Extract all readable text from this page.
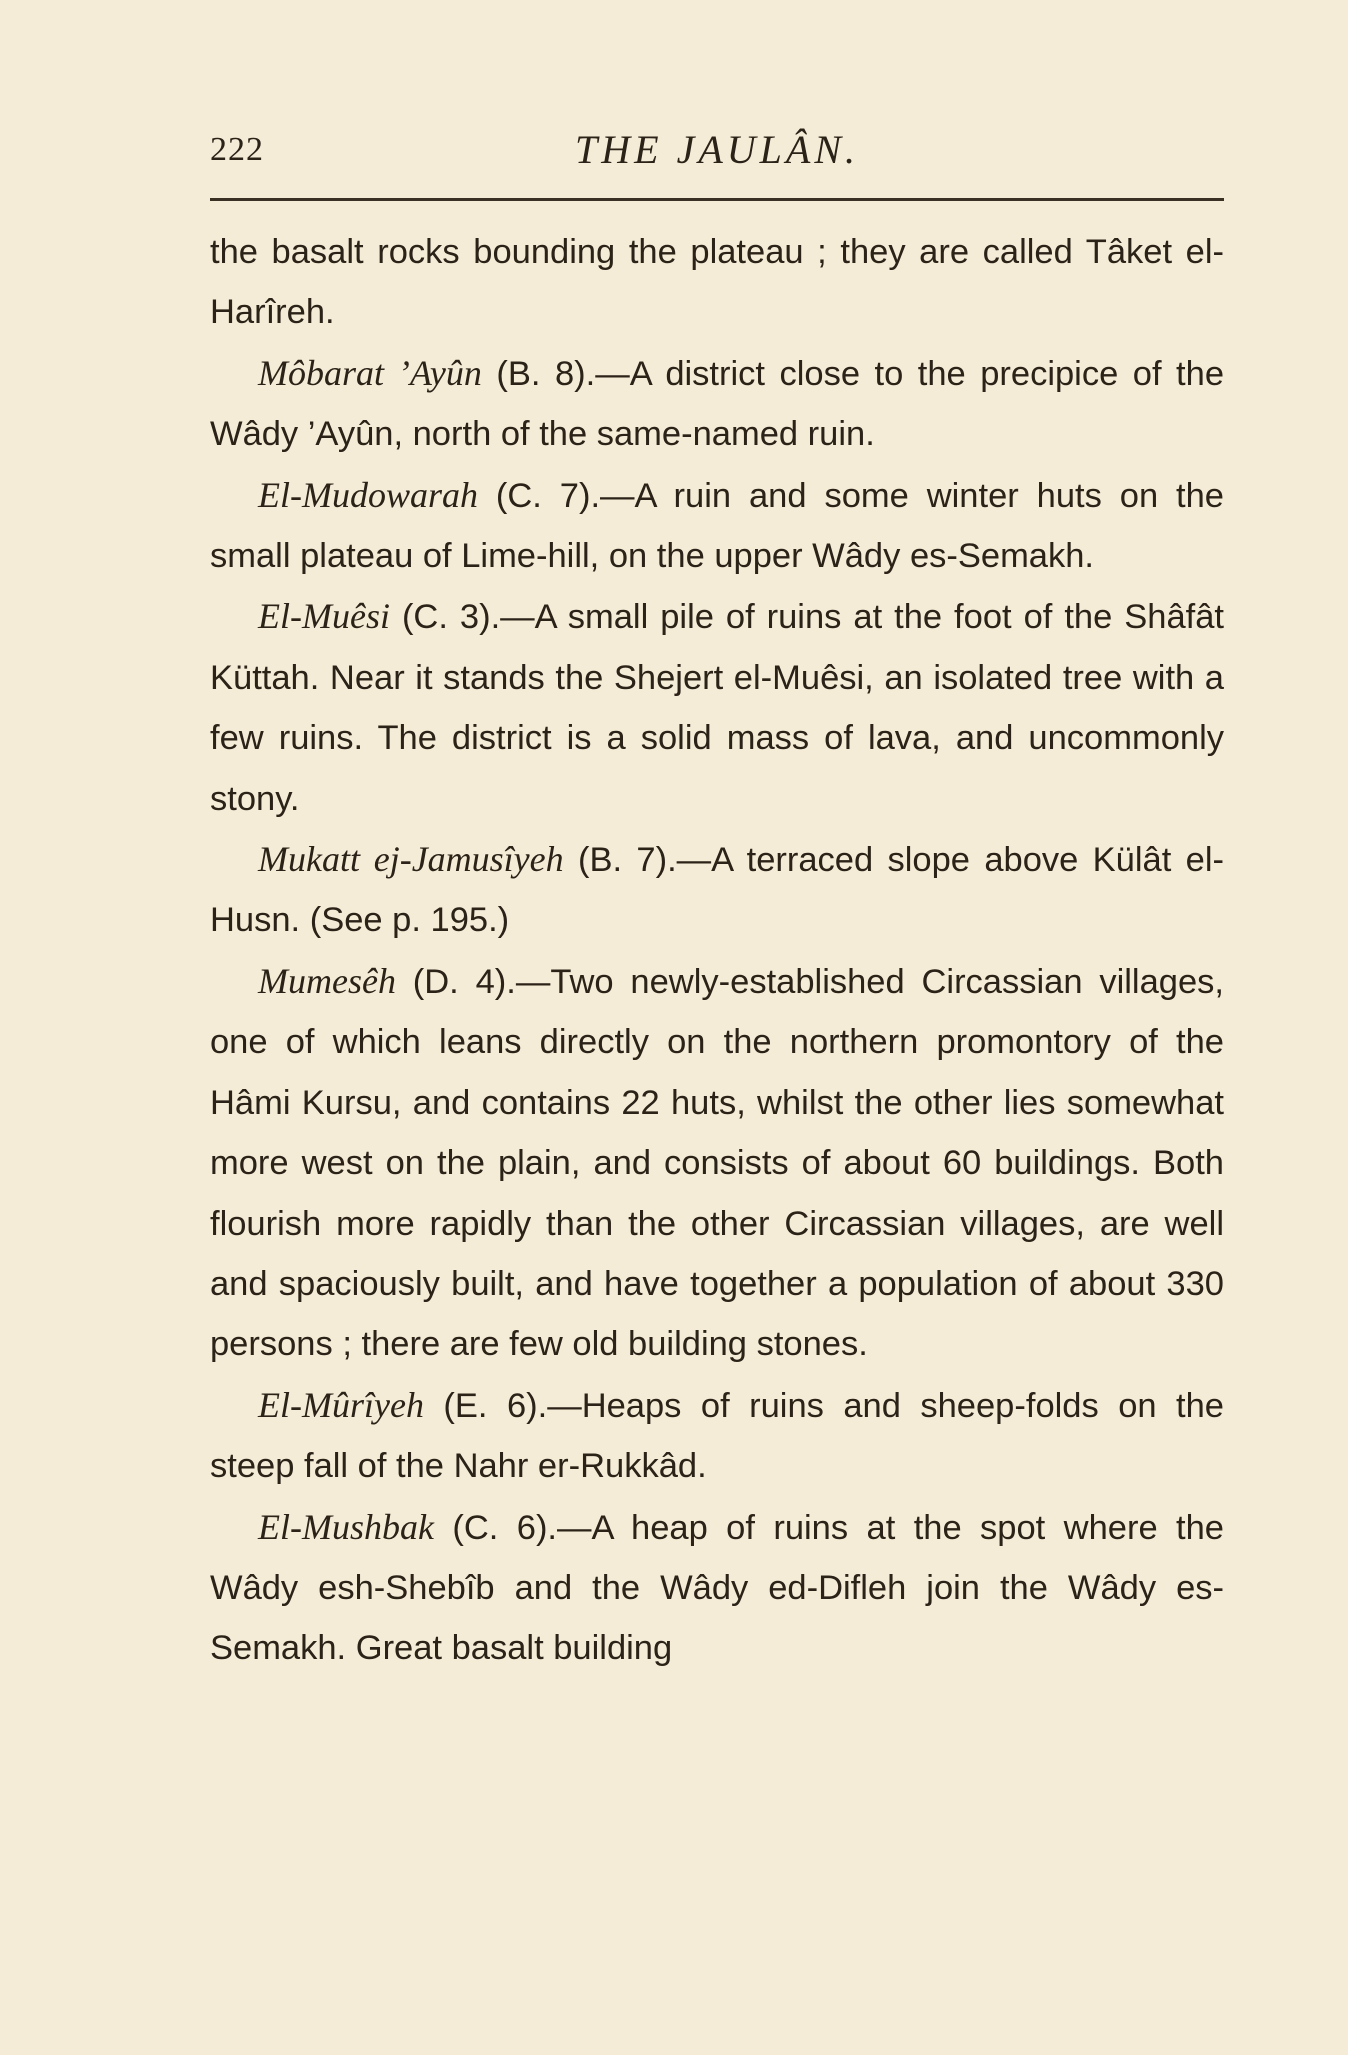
222	THE JAULÂN.

the basalt rocks bounding the plateau ; they are called Tâket el-Harîreh.

Môbarat ’Ayûn (B. 8).—A district close to the precipice of the Wâdy ’Ayûn, north of the same-named ruin.

El-Mudowarah (C. 7).—A ruin and some winter huts on the small plateau of Lime-hill, on the upper Wâdy es-Semakh.

El-Muêsi (C. 3).—A small pile of ruins at the foot of the Shâfât Küttah. Near it stands the Shejert el-Muêsi, an isolated tree with a few ruins. The district is a solid mass of lava, and uncommonly stony.

Mukatt ej-Jamusîyeh (B. 7).—A terraced slope above Külât el-Husn. (See p. 195.)

Mumesêh (D. 4).—Two newly-established Circassian villages, one of which leans directly on the northern promontory of the Hâmi Kursu, and contains 22 huts, whilst the other lies somewhat more west on the plain, and consists of about 60 buildings. Both flourish more rapidly than the other Circassian villages, are well and spaciously built, and have together a population of about 330 persons ; there are few old building stones.

El-Mûrîyeh (E. 6).—Heaps of ruins and sheep-folds on the steep fall of the Nahr er-Rukkâd.

El-Mushbak (C. 6).—A heap of ruins at the spot where the Wâdy esh-Shebîb and the Wâdy ed-Difleh join the Wâdy es-Semakh. Great basalt building
